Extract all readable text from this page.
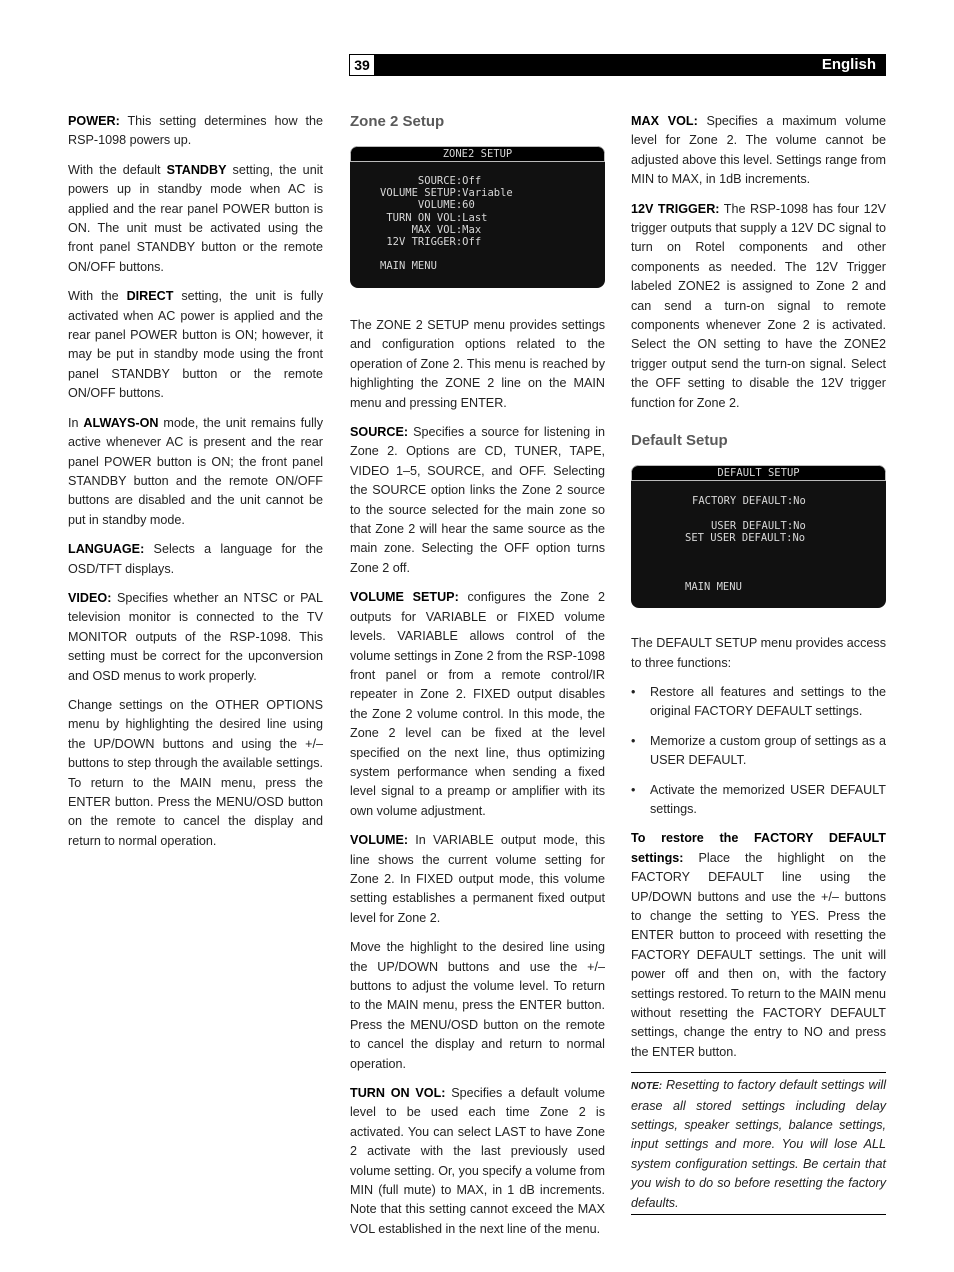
39	English

POWER: This setting determines how the RSP-1098 powers up.

With the default STANDBY setting, the unit powers up in standby mode when AC is applied and the rear panel POWER button is ON. The unit must be activated using the front panel STANDBY button or the remote ON/OFF buttons.

With the DIRECT setting, the unit is fully activated when AC power is applied and the rear panel POWER button is ON; however, it may be put in standby mode using the front panel STANDBY button or the remote ON/OFF buttons.

In ALWAYS-ON mode, the unit remains fully active whenever AC is present and the rear panel POWER button is ON; the front panel STANDBY button and the remote ON/OFF buttons are disabled and the unit cannot be put in standby mode.

LANGUAGE: Selects a language for the OSD/TFT displays.

VIDEO: Specifies whether an NTSC or PAL television monitor is connected to the TV MONITOR outputs of the RSP-1098. This setting must be correct for the upconversion and OSD menus to work properly.

Change settings on the OTHER OPTIONS menu by highlighting the desired line using the UP/DOWN buttons and using the +/– buttons to step through the available settings. To return to the MAIN menu, press the ENTER button. Press the MENU/OSD button on the remote to cancel the display and return to normal operation.

Zone 2 Setup
ZONE2 SETUP
SOURCE:Off
VOLUME SETUP:Variable
VOLUME:60
TURN ON VOL:Last
MAX VOL:Max
12V TRIGGER:Off
MAIN MENU

The ZONE 2 SETUP menu provides settings and configuration options related to the operation of Zone 2. This menu is reached by highlighting the ZONE 2 line on the MAIN menu and pressing ENTER.

SOURCE: Specifies a source for listening in Zone 2. Options are CD, TUNER, TAPE, VIDEO 1–5, SOURCE, and OFF. Selecting the SOURCE option links the Zone 2 source to the source selected for the main zone so that Zone 2 will hear the same source as the main zone. Selecting the OFF option turns Zone 2 off.

VOLUME SETUP: configures the Zone 2 outputs for VARIABLE or FIXED volume levels. VARIABLE allows control of the volume settings in Zone 2 from the RSP-1098 front panel or from a remote control/IR repeater in Zone 2. FIXED output disables the Zone 2 volume control. In this mode, the Zone 2 level can be fixed at the level specified on the next line, thus optimizing system performance when sending a fixed level signal to a preamp or amplifier with its own volume adjustment.

VOLUME: In VARIABLE output mode, this line shows the current volume setting for Zone 2. In FIXED output mode, this volume setting establishes a permanent fixed output level for Zone 2.

Move the highlight to the desired line using the UP/DOWN buttons and use the +/– buttons to adjust the volume level. To return to the MAIN menu, press the ENTER button. Press the MENU/OSD button on the remote to cancel the display and return to normal operation.

TURN ON VOL: Specifies a default volume level to be used each time Zone 2 is activated. You can select LAST to have Zone 2 activate with the last previously used volume setting. Or, you specify a volume from MIN (full mute) to MAX, in 1 dB increments. Note that this setting cannot exceed the MAX VOL established in the next line of the menu.

MAX VOL: Specifies a maximum volume level for Zone 2. The volume cannot be adjusted above this level. Settings range from MIN to MAX, in 1dB increments.

12V TRIGGER: The RSP-1098 has four 12V trigger outputs that supply a 12V DC signal to turn on Rotel components and other components as needed. The 12V Trigger labeled ZONE2 is assigned to Zone 2 and can send a turn-on signal to remote components whenever Zone 2 is activated. Select the ON setting to have the ZONE2 trigger output send the turn-on signal. Select the OFF setting to disable the 12V trigger function for Zone 2.

Default Setup
DEFAULT SETUP
FACTORY DEFAULT:No
USER DEFAULT:No
SET USER DEFAULT:No
MAIN MENU

The DEFAULT SETUP menu provides access to three functions:

• Restore all features and settings to the original FACTORY DEFAULT settings.
• Memorize a custom group of settings as a USER DEFAULT.
• Activate the memorized USER DEFAULT settings.

To restore the FACTORY DEFAULT settings: Place the highlight on the FACTORY DEFAULT line using the UP/DOWN buttons and use the +/– buttons to change the setting to YES. Press the ENTER button to proceed with resetting the FACTORY DEFAULT settings. The unit will power off and then on, with the factory settings restored. To return to the MAIN menu without resetting the FACTORY DEFAULT settings, change the entry to NO and press the ENTER button.

NOTE: Resetting to factory default settings will erase all stored settings including delay settings, speaker settings, balance settings, input settings and more. You will lose ALL system configuration settings. Be certain that you wish to do so before resetting the factory defaults.
